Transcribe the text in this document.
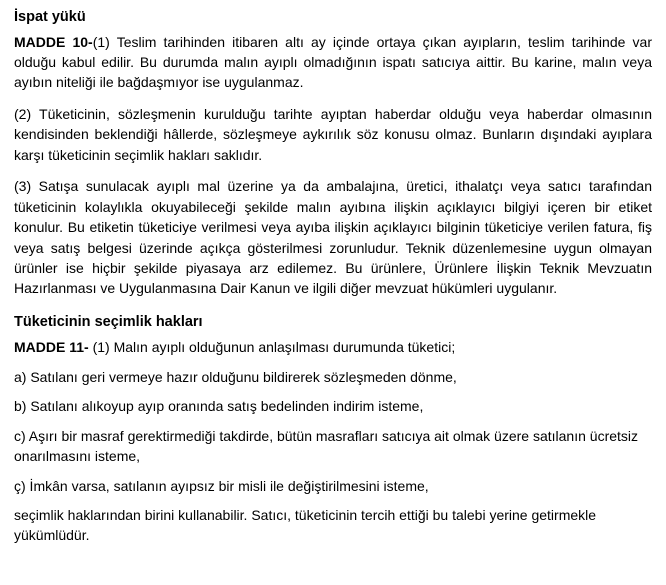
İspat yükü

MADDE 10-(1) Teslim tarihinden itibaren altı ay içinde ortaya çıkan ayıpların, teslim tarihinde var olduğu kabul edilir. Bu durumda malın ayıplı olmadığının ispatı satıcıya aittir. Bu karine, malın veya ayıbın niteliği ile bağdaşmıyor ise uygulanmaz.

(2) Tüketicinin, sözleşmenin kurulduğu tarihte ayıptan haberdar olduğu veya haberdar olmasının kendisinden beklendiği hâllerde, sözleşmeye aykırılık söz konusu olmaz. Bunların dışındaki ayıplara karşı tüketicinin seçimlik hakları saklıdır.

(3) Satışa sunulacak ayıplı mal üzerine ya da ambalajına, üretici, ithalatçı veya satıcı tarafından tüketicinin kolaylıkla okuyabileceği şekilde malın ayıbına ilişkin açıklayıcı bilgiyi içeren bir etiket konulur. Bu etiketin tüketiciye verilmesi veya ayıba ilişkin açıklayıcı bilginin tüketiciye verilen fatura, fiş veya satış belgesi üzerinde açıkça gösterilmesi zorunludur. Teknik düzenlemesine uygun olmayan ürünler ise hiçbir şekilde piyasaya arz edilemez. Bu ürünlere, Ürünlere İlişkin Teknik Mevzuatın Hazırlanması ve Uygulanmasına Dair Kanun ve ilgili diğer mevzuat hükümleri uygulanır.

Tüketicinin seçimlik hakları

MADDE 11- (1) Malın ayıplı olduğunun anlaşılması durumunda tüketici;

a) Satılanı geri vermeye hazır olduğunu bildirerek sözleşmeden dönme,

b) Satılanı alıkoyup ayıp oranında satış bedelinden indirim isteme,

c) Aşırı bir masraf gerektirmediği takdirde, bütün masrafları satıcıya ait olmak üzere satılanın ücretsiz onarılmasını isteme,

ç) İmkân varsa, satılanın ayıpsız bir misli ile değiştirilmesini isteme,

seçimlik haklarından birini kullanabilir. Satıcı, tüketicinin tercih ettiği bu talebi yerine getirmekle yükümlüdür.
